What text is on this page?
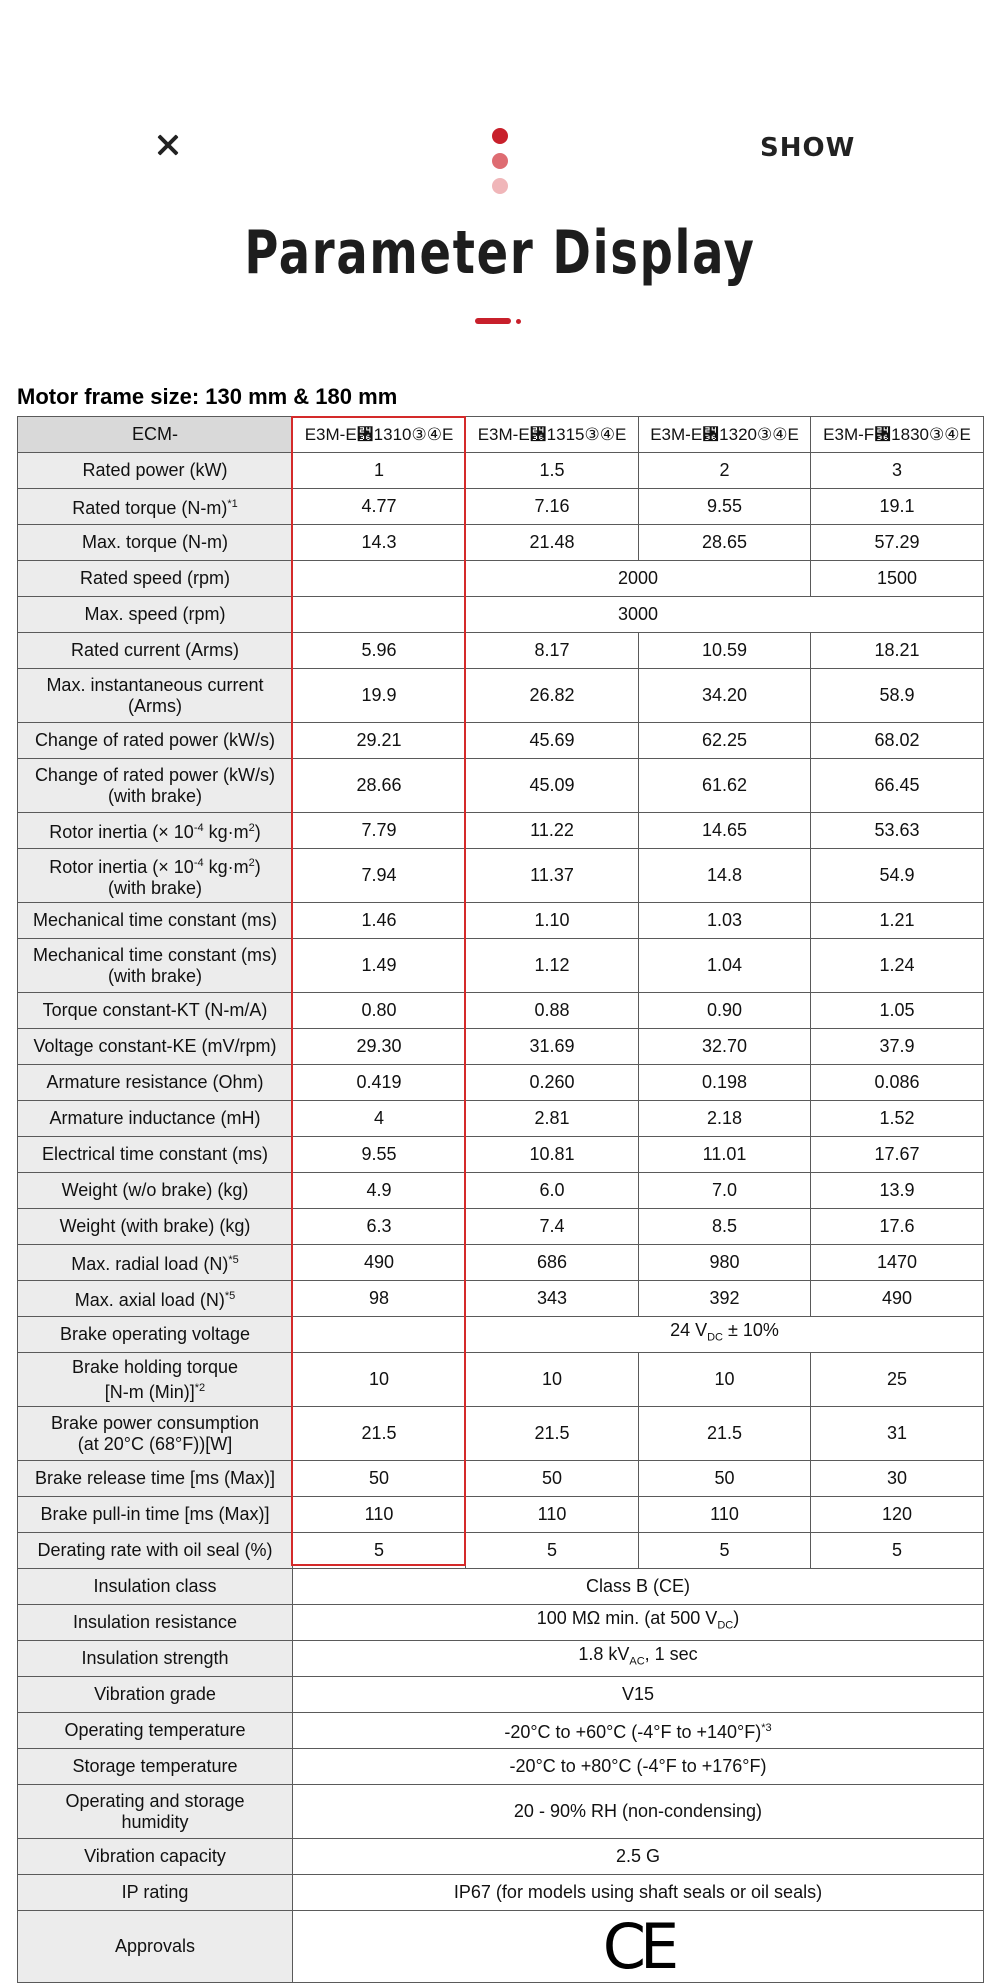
SHOW
Parameter Display
Motor frame size: 130 mm & 180 mm
ECM-	E3M-E␶1310③④E	E3M-E␶1315③④E	E3M-E␶1320③④E	E3M-F␶1830③④E
Rated power (kW)	1	1.5	2	3
Rated torque $(N-m)^{*1}$	4.77	7.16	9.55	19.1
Max. torque (N-m)	14.3	21.48	28.65	57.29
Rated speed (rpm)		2000		1500
Max. speed (rpm)	3000			
Rated current (Arms)	5.96	8.17	10.59	18.21
Max. instantaneous current
(Arms)	19.9	26.82	34.20	58.9
Change of rated power (kW/s)	29.21	45.69	62.25	68.02
Change of rated power (kW/s)
(with brake)	28.66	45.09	61.62	66.45
Rotor inertia (× $10^{-4}$ $kg\cdot m^2$)	7.79	11.22	14.65	53.63
Rotor inertia (× $10^{-4}$ $kg\cdot m^2$)
(with brake)	7.94	11.37	14.8	54.9
Mechanical time constant (ms)	1.46	1.10	1.03	1.21
Mechanical time constant (ms)
(with brake)	1.49	1.12	1.04	1.24
Torque constant-KT (N-m/A)	0.80	0.88	0.90	1.05
Voltage constant-KE (mV/rpm)	29.30	31.69	32.70	37.9
Armature resistance (Ohm)	0.419	0.260	0.198	0.086
Armature inductance (mH)	4	2.81	2.18	1.52
Electrical time constant (ms)	9.55	10.81	11.01	17.67
Weight (w/o brake) (kg)	4.9	6.0	7.0	13.9
Weight (with brake) (kg)	6.3	7.4	8.5	17.6
Max. radial load $(N)^{*5}$	490	686	980	1470
Max. axial load $(N)^{*5}$	98	343	392	490
Brake operating voltage		24 $V_{DC} \pm 10\%$		
Brake holding torque
[N-m (Min)]$^{*2}$	10	10	10	25
Brake power consumption
(at 20°C (68°F))[W]	21.5	21.5	21.5	31
Brake release time [ms (Max)]	50	50	50	30
Brake pull-in time [ms (Max)]	110	110	110	120
Derating rate with oil seal (%)	5	5	5	5
Insulation class	Class B (CE)			
Insulation resistance	100 MΩ min. (at 500 $V_{DC}$)			
Insulation strength	1.8 $kV_{AC}$, 1 sec			
Vibration grade	V15			
Operating temperature	-20°C to +60°C (-4°F to +140°F)$^{*3}$
Storage temperature	-20°C to +80°C (-4°F to +176°F)			
Operating and storage
humidity	20 - 90% RH (non-condensing)			
Vibration capacity	2.5 G			
IP rating	IP67 (for models using shaft seals or oil seals)			
Approvals	CE			
